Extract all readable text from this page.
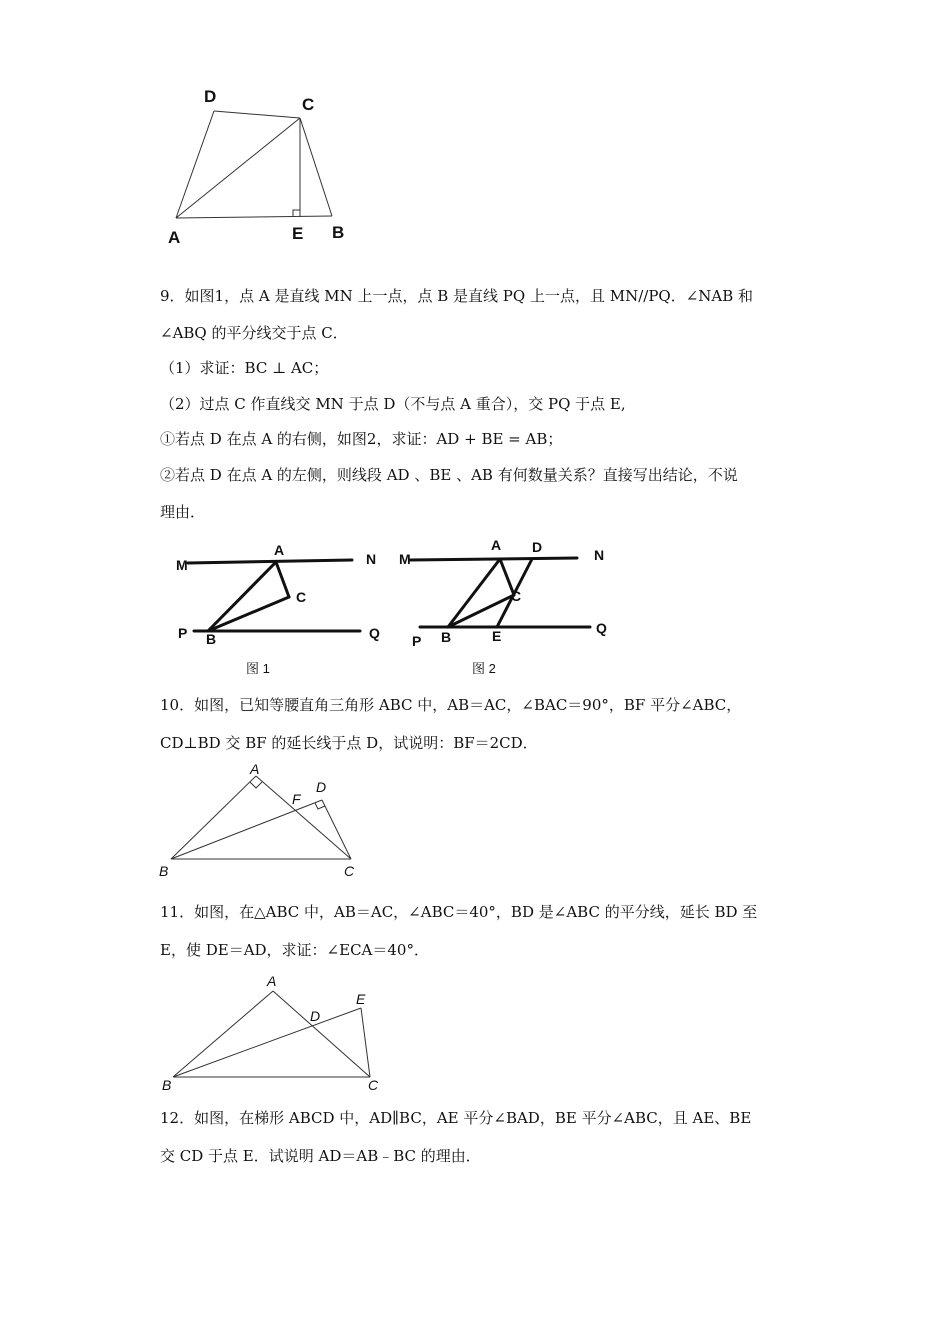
D	C
A	E B
9．如图1，点 A 是直线 MN 上一点，点 B 是直线 PQ 上一点，且 MN//PQ．∠NAB 和
∠ABQ 的平分线交于点 C．
（1）求证：BC ⊥ AC；
（2）过点 C 作直线交 MN 于点 D（不与点 A 重合），交 PQ 于点 E,
①若点 D 在点 A 的右侧，如图2，求证：AD + BE = AB；
②若点 D 在点 A 的左侧，则线段 AD 、BE 、AB 有何数量关系？直接写出结论，不说
理由．
M	N
A
C
P B	Q
图 1
M	N
A D
C
P B	E	Q
图 2
10．如图，已知等腰直角三角形 ABC 中，AB＝AC，∠BAC＝90°，BF 平分∠ABC，
CD⊥BD 交 BF 的延长线于点 D，试说明：BF＝2CD．
A
D
F
B	C
11．如图，在△ABC 中，AB＝AC，∠ABC＝40°，BD 是∠ABC 的平分线，延长 BD 至
E，使 DE＝AD，求证：∠ECA＝40°．
A
E
D
B	C
12．如图，在梯形 ABCD 中，AD∥BC，AE 平分∠BAD，BE 平分∠ABC，且 AE、BE
交 CD 于点 E．试说明 AD＝AB﹣BC 的理由．
